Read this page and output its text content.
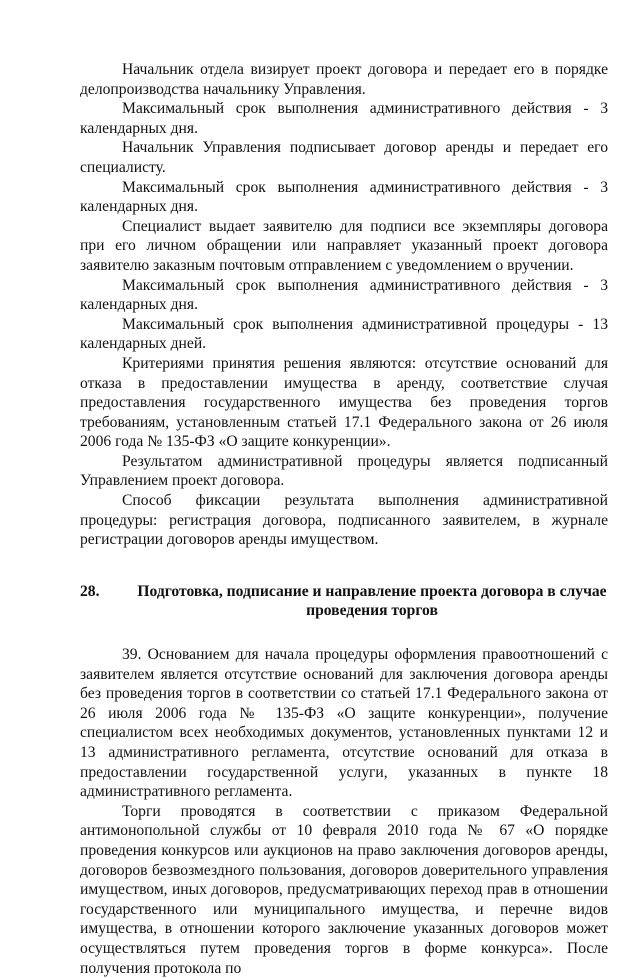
Начальник отдела визирует проект договора и передает его в порядке делопроизводства начальнику Управления.

Максимальный срок выполнения административного действия - 3 календарных дня.

Начальник Управления подписывает договор аренды и передает его специалисту.

Максимальный срок выполнения административного действия - 3 календарных дня.

Специалист выдает заявителю для подписи все экземпляры договора при его личном обращении или направляет указанный проект договора заявителю заказным почтовым отправлением с уведомлением о вручении.

Максимальный срок выполнения административного действия - 3 календарных дня.

Максимальный срок выполнения административной процедуры - 13 календарных дней.

Критериями принятия решения являются: отсутствие оснований для отказа в предоставлении имущества в аренду, соответствие случая предоставления государственного имущества без проведения торгов требованиям, установленным статьей 17.1 Федерального закона от 26 июля 2006 года № 135-ФЗ «О защите конкуренции».

Результатом административной процедуры является подписанный Управлением проект договора.

Способ фиксации результата выполнения административной процедуры: регистрация договора, подписанного заявителем, в журнале регистрации договоров аренды имуществом.

28.	Подготовка, подписание и направление проекта договора в случае
проведения торгов

39. Основанием для начала процедуры оформления правоотношений с заявителем является отсутствие оснований для заключения договора аренды без проведения торгов в соответствии со статьей 17.1 Федерального закона от 26 июля 2006 года № 135-ФЗ «О защите конкуренции», получение специалистом всех необходимых документов, установленных пунктами 12 и 13 административного регламента, отсутствие оснований для отказа в предоставлении государственной услуги, указанных в пункте 18 административного регламента.

Торги проводятся в соответствии с приказом Федеральной антимонопольной службы от 10 февраля 2010 года № 67 «О порядке проведения конкурсов или аукционов на право заключения договоров аренды, договоров безвозмездного пользования, договоров доверительного управления имуществом, иных договоров, предусматривающих переход прав в отношении государственного или муниципального имущества, и перечне видов имущества, в отношении которого заключение указанных договоров может осуществляться путем проведения торгов в форме конкурса». После получения протокола по
